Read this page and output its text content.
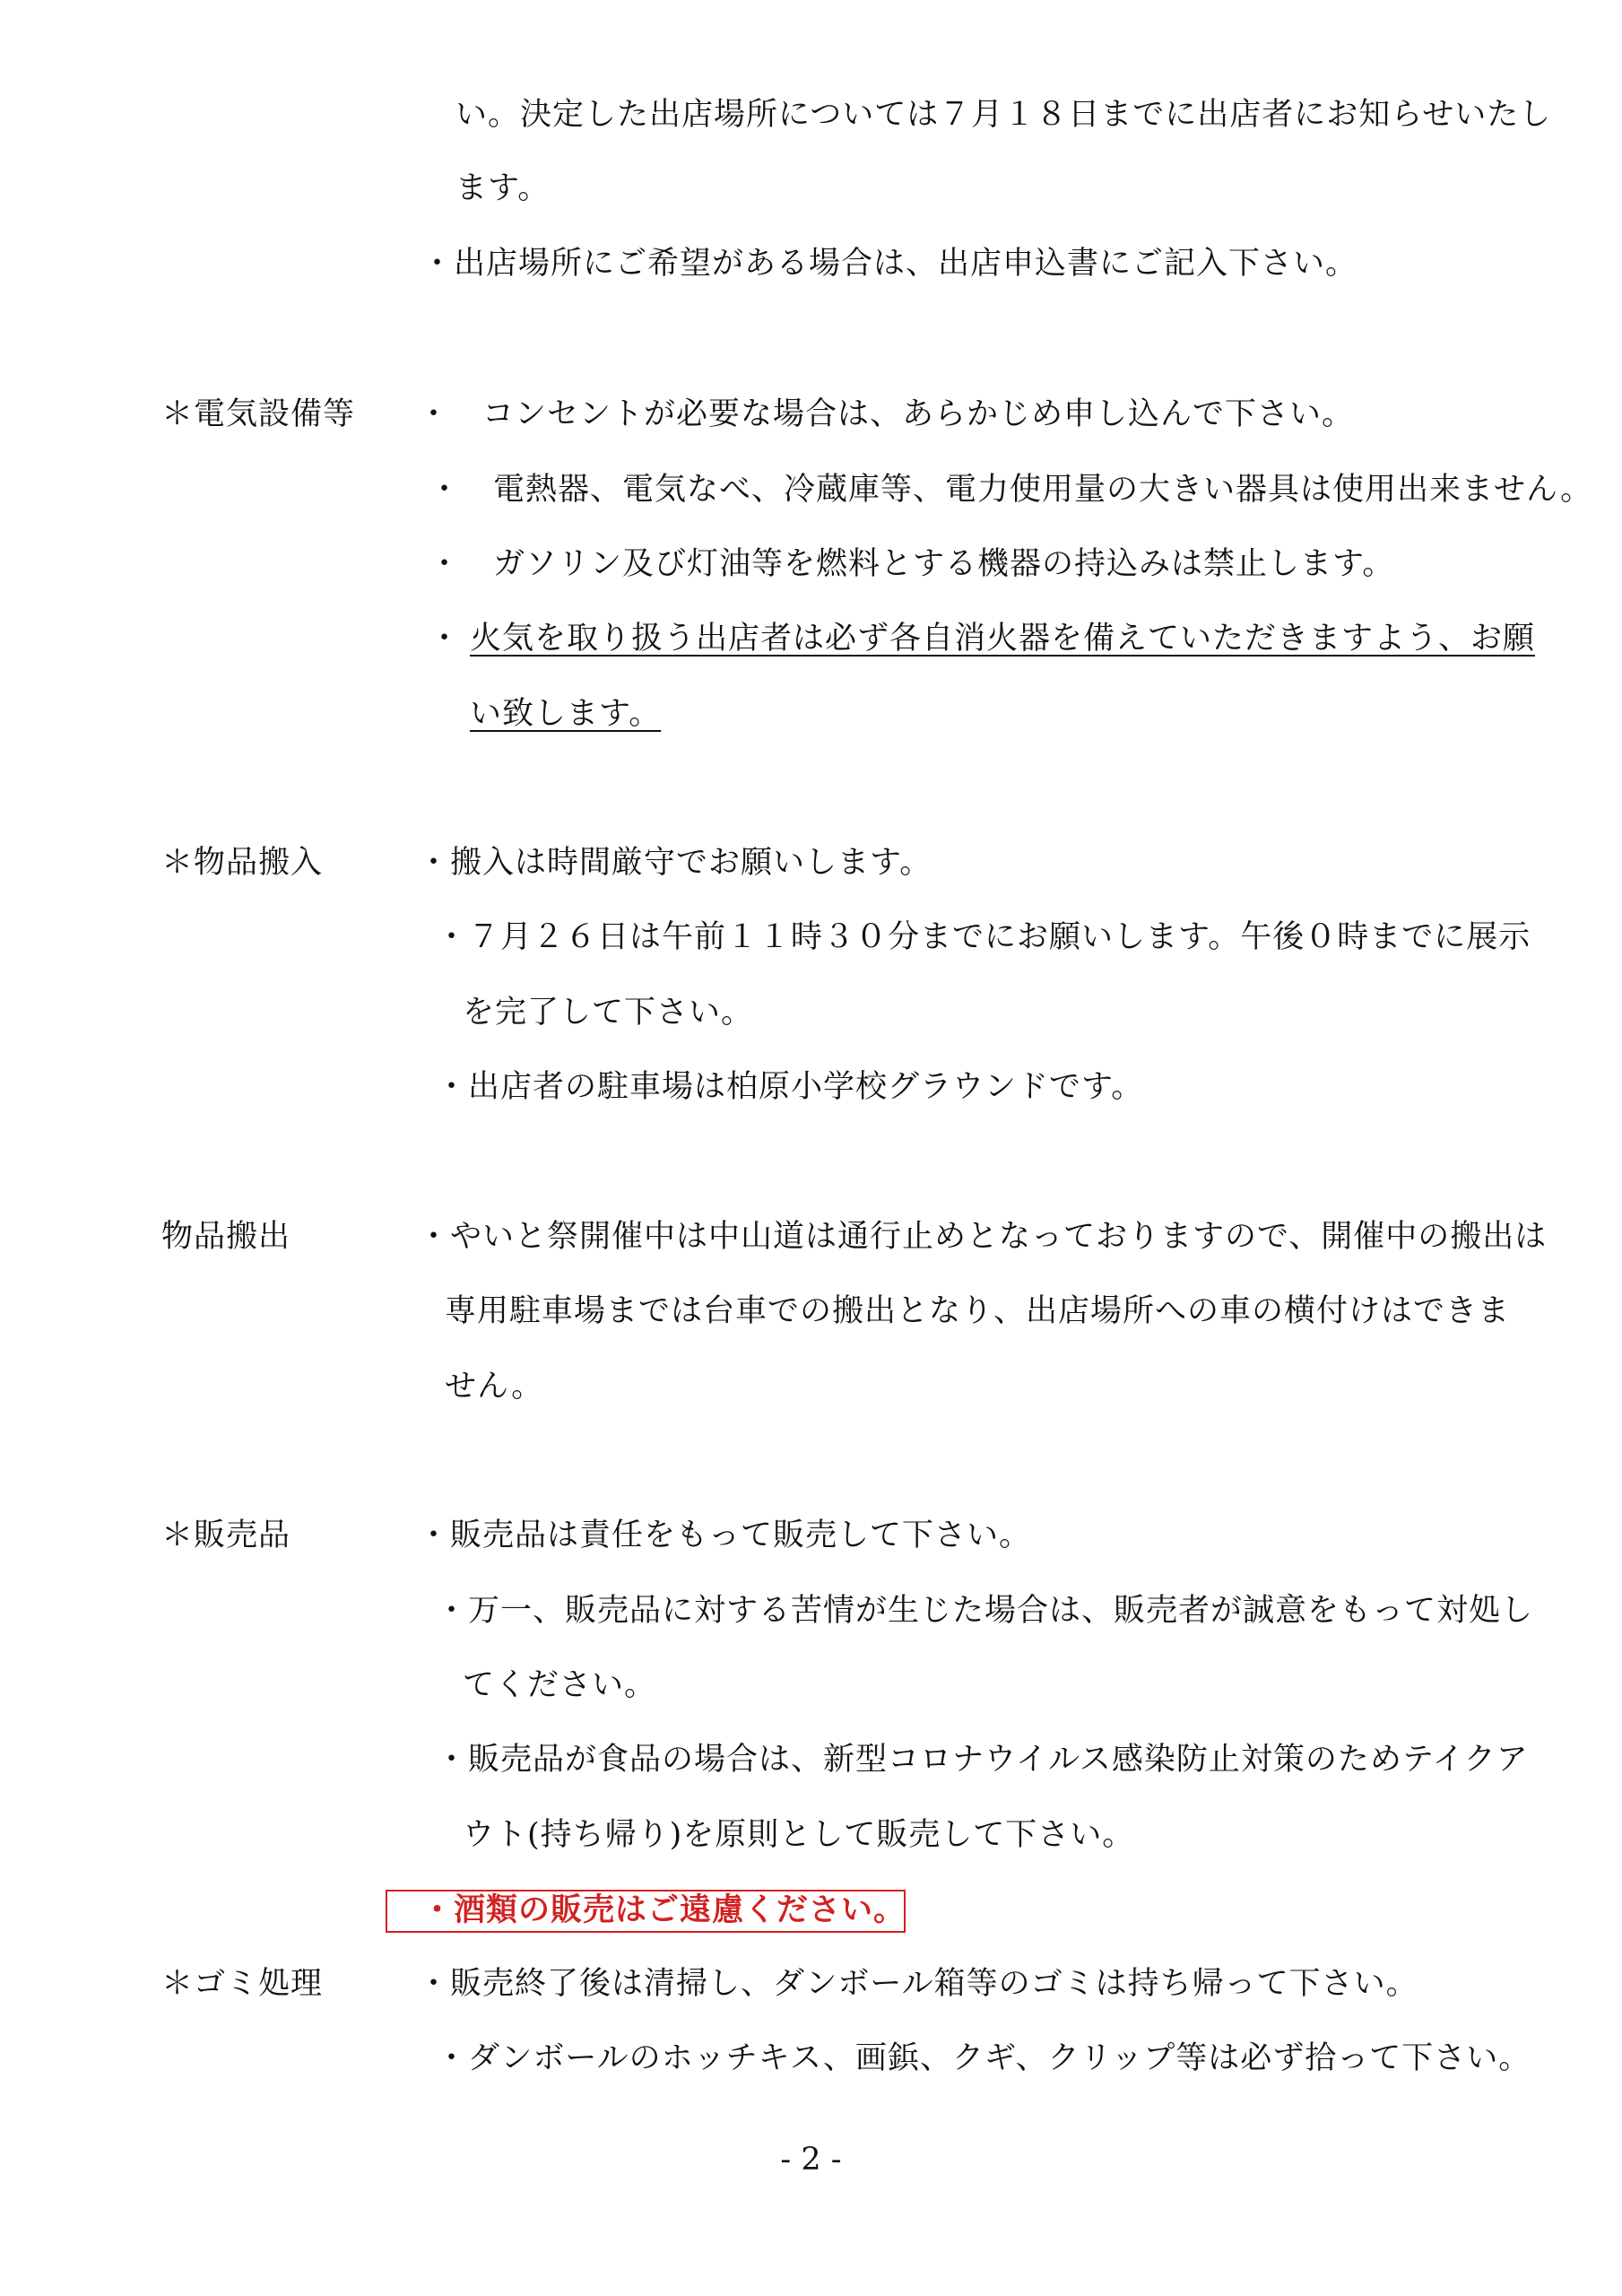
い。決定した出店場所については７月１８日までに出店者にお知らせいたし
ます。
・出店場所にご希望がある場合は、出店申込書にご記入下さい。
＊電気設備等 ・　コンセントが必要な場合は、あらかじめ申し込んで下さい。
・　電熱器、電気なべ、冷蔵庫等、電力使用量の大きい器具は使用出来ません。
・　ガソリン及び灯油等を燃料とする機器の持込みは禁止します。
・ 火気を取り扱う出店者は必ず各自消火器を備えていただきますよう、お願
い致します。
＊物品搬入	・搬入は時間厳守でお願いします。
・７月２６日は午前１１時３０分までにお願いします。午後０時までに展示
を完了して下さい。
・出店者の駐車場は柏原小学校グラウンドです。
物品搬出	・やいと祭開催中は中山道は通行止めとなっておりますので、開催中の搬出は
専用駐車場までは台車での搬出となり、出店場所への車の横付けはできま
せん。
＊販売品	・販売品は責任をもって販売して下さい。
・万一、販売品に対する苦情が生じた場合は、販売者が誠意をもって対処し
てください。
・販売品が食品の場合は、新型コロナウイルス感染防止対策のためテイクア
ウト(持ち帰り)を原則として販売して下さい。
・酒類の販売はご遠慮ください。
＊ゴミ処理	・販売終了後は清掃し、ダンボール箱等のゴミは持ち帰って下さい。
・ダンボールのホッチキス、画鋲、クギ、クリップ等は必ず拾って下さい。
- 2 -
